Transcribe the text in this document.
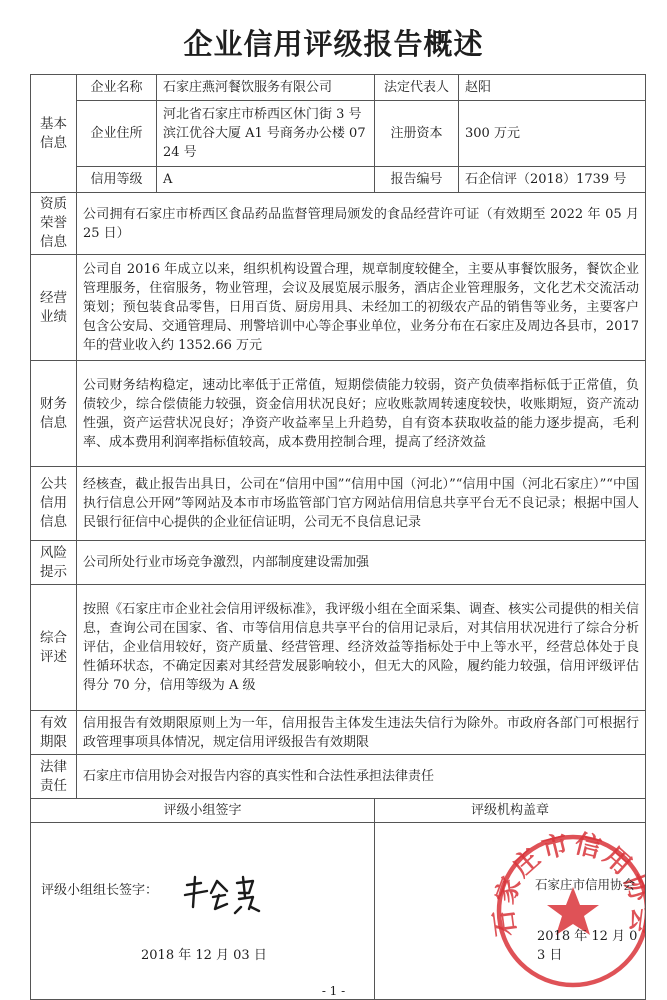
企业信用评级报告概述
基本信息	企业名称	石家庄燕河餐饮服务有限公司	法定代表人	赵阳
	企业住所	河北省石家庄市桥西区休门街 3 号滨江优谷大厦 A1 号商务办公楼 0724 号	注册资本	300 万元
	信用等级	A	报告编号	石企信评（2018）1739 号
资质荣誉信息	公司拥有石家庄市桥西区食品药品监督管理局颁发的食品经营许可证（有效期至 2022 年 05 月 25 日）			
经营业绩	公司自 2016 年成立以来，组织机构设置合理，规章制度较健全，主要从事餐饮服务，餐饮企业管理服务，住宿服务，物业管理，会议及展览展示服务，酒店企业管理服务，文化艺术交流活动策划；预包装食品零售，日用百货、厨房用具、未经加工的初级农产品的销售等业务，主要客户包含公安局、交通管理局、刑警培训中心等企事业单位，业务分布在石家庄及周边各县市，2017 年的营业收入约 1352.66 万元			
财务信息	公司财务结构稳定，速动比率低于正常值，短期偿债能力较弱，资产负债率指标低于正常值，负债较少，综合偿债能力较强，资金信用状况良好；应收账款周转速度较快，收账期短，资产流动性强，资产运营状况良好；净资产收益率呈上升趋势，自有资本获取收益的能力逐步提高，毛利率、成本费用利润率指标值较高，成本费用控制合理，提高了经济效益			
公共信用信息	经核查，截止报告出具日，公司在“信用中国”“信用中国（河北）”“信用中国（河北石家庄）”“中国执行信息公开网”等网站及本市市场监管部门官方网站信用信息共享平台无不良记录；根据中国人民银行征信中心提供的企业征信证明，公司无不良信息记录			
风险提示	公司所处行业市场竞争激烈，内部制度建设需加强			
综合评述	按照《石家庄市企业社会信用评级标准》，我评级小组在全面采集、调查、核实公司提供的相关信息，查询公司在国家、省、市等信用信息共享平台的信用记录后，对其信用状况进行了综合分析评估，企业信用较好，资产质量、经营管理、经济效益等指标处于中上等水平，经营总体处于良性循环状态，不确定因素对其经营发展影响较小，但无大的风险，履约能力较强，信用评级评估得分 70 分，信用等级为 A 级			
有效期限	信用报告有效期限原则上为一年，信用报告主体发生违法失信行为除外。市政府各部门可根据行政管理事项具体情况，规定信用评级报告有效期限			
法律责任	石家庄市信用协会对报告内容的真实性和合法性承担法律责任			
评级小组签字			评级机构盖章	

评级小组组长签字：
2018 年 12 月 03 日			石家庄市信用协会
石家庄市信用协会
2018 年 12 月 03 日	
- 1 -
